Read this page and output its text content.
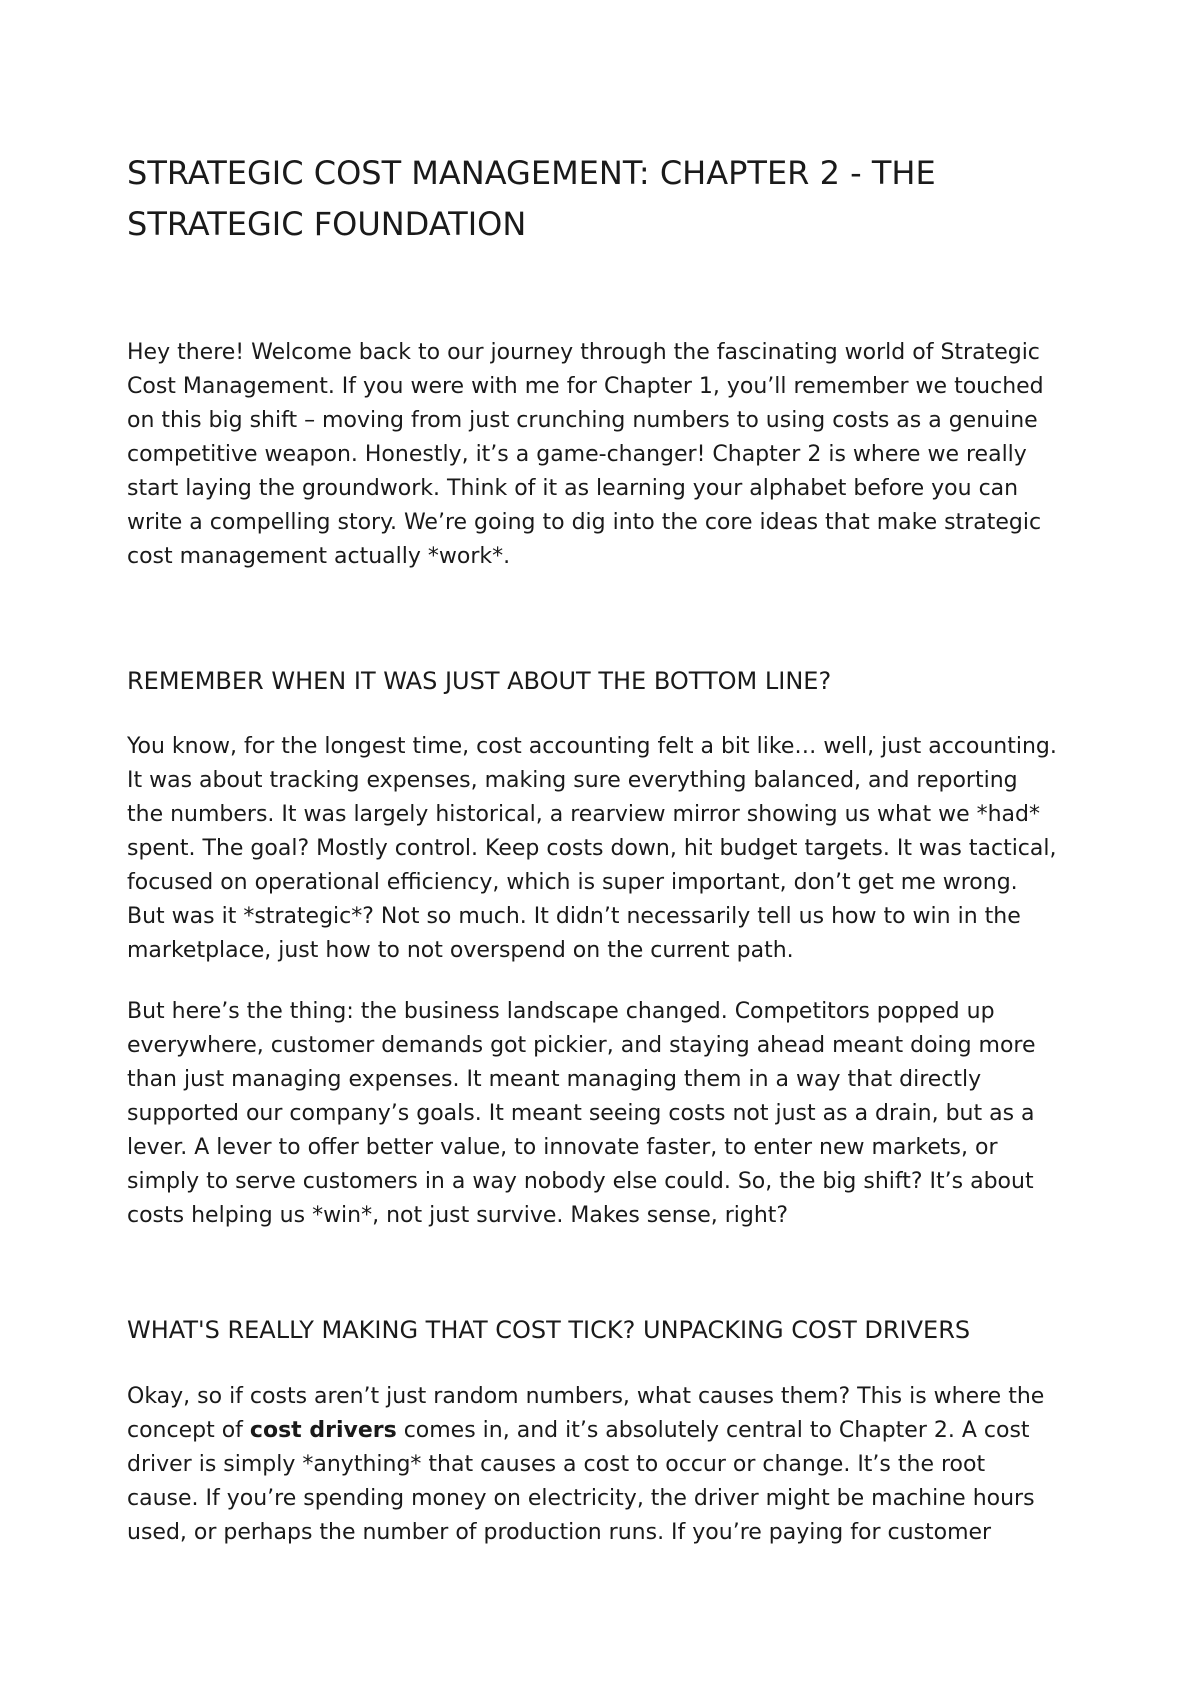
STRATEGIC COST MANAGEMENT: CHAPTER 2 - THE
STRATEGIC FOUNDATION

Hey there! Welcome back to our journey through the fascinating world of Strategic
Cost Management. If you were with me for Chapter 1, you’ll remember we touched
on this big shift – moving from just crunching numbers to using costs as a genuine
competitive weapon. Honestly, it’s a game-changer! Chapter 2 is where we really
start laying the groundwork. Think of it as learning your alphabet before you can
write a compelling story. We’re going to dig into the core ideas that make strategic
cost management actually *work*.

REMEMBER WHEN IT WAS JUST ABOUT THE BOTTOM LINE?

You know, for the longest time, cost accounting felt a bit like… well, just accounting.
It was about tracking expenses, making sure everything balanced, and reporting
the numbers. It was largely historical, a rearview mirror showing us what we *had*
spent. The goal? Mostly control. Keep costs down, hit budget targets. It was tactical,
focused on operational efficiency, which is super important, don’t get me wrong.
But was it *strategic*? Not so much. It didn’t necessarily tell us how to win in the
marketplace, just how to not overspend on the current path.

But here’s the thing: the business landscape changed. Competitors popped up
everywhere, customer demands got pickier, and staying ahead meant doing more
than just managing expenses. It meant managing them in a way that directly
supported our company’s goals. It meant seeing costs not just as a drain, but as a
lever. A lever to offer better value, to innovate faster, to enter new markets, or
simply to serve customers in a way nobody else could. So, the big shift? It’s about
costs helping us *win*, not just survive. Makes sense, right?

WHAT'S REALLY MAKING THAT COST TICK? UNPACKING COST DRIVERS

Okay, so if costs aren’t just random numbers, what causes them? This is where the
concept of cost drivers comes in, and it’s absolutely central to Chapter 2. A cost
driver is simply *anything* that causes a cost to occur or change. It’s the root
cause. If you’re spending money on electricity, the driver might be machine hours
used, or perhaps the number of production runs. If you’re paying for customer
